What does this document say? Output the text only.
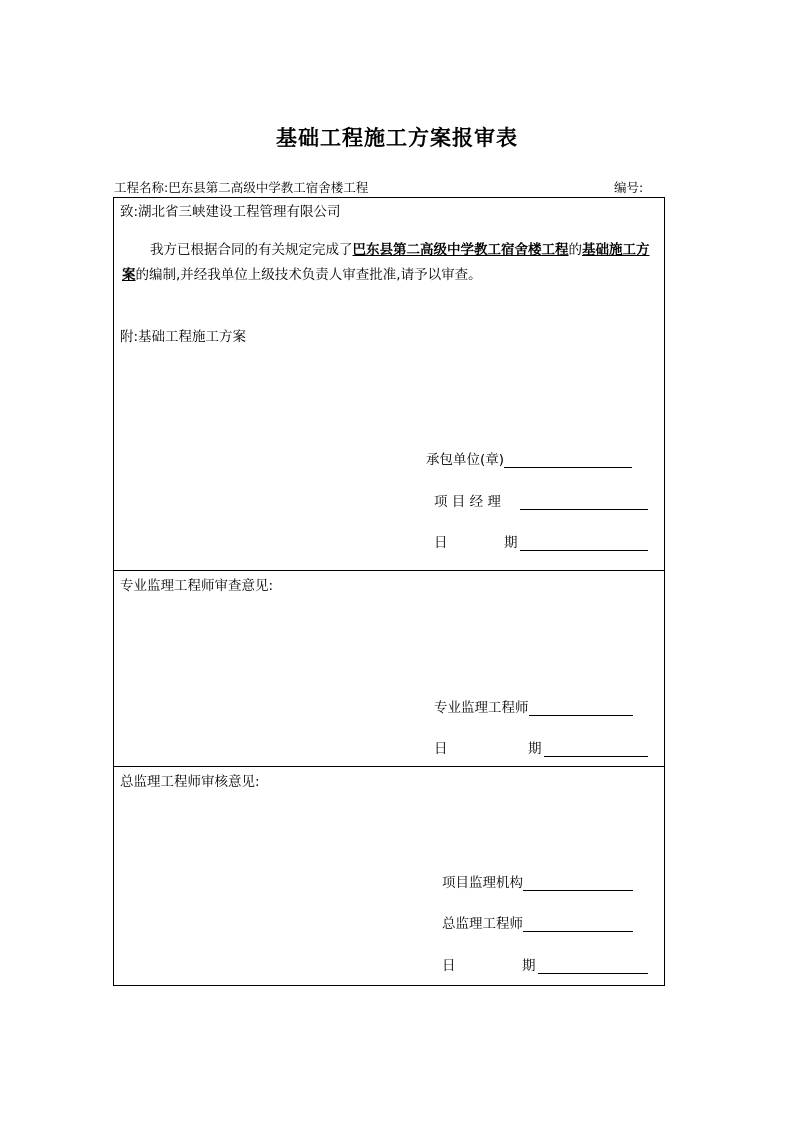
基础工程施工方案报审表
工程名称:巴东县第二高级中学教工宿舍楼工程	编号:
致:湖北省三峡建设工程管理有限公司
我方已根据合同的有关规定完成了巴东县第二高级中学教工宿舍楼工程的基础施工方案的编制,并经我单位上级技术负责人审查批准,请予以审查。
附:基础工程施工方案
承包单位(章)
项 目 经 理
日	期
专业监理工程师审查意见:
专业监理工程师
日	期
总监理工程师审核意见:
项目监理机构
总监理工程师
日	期
